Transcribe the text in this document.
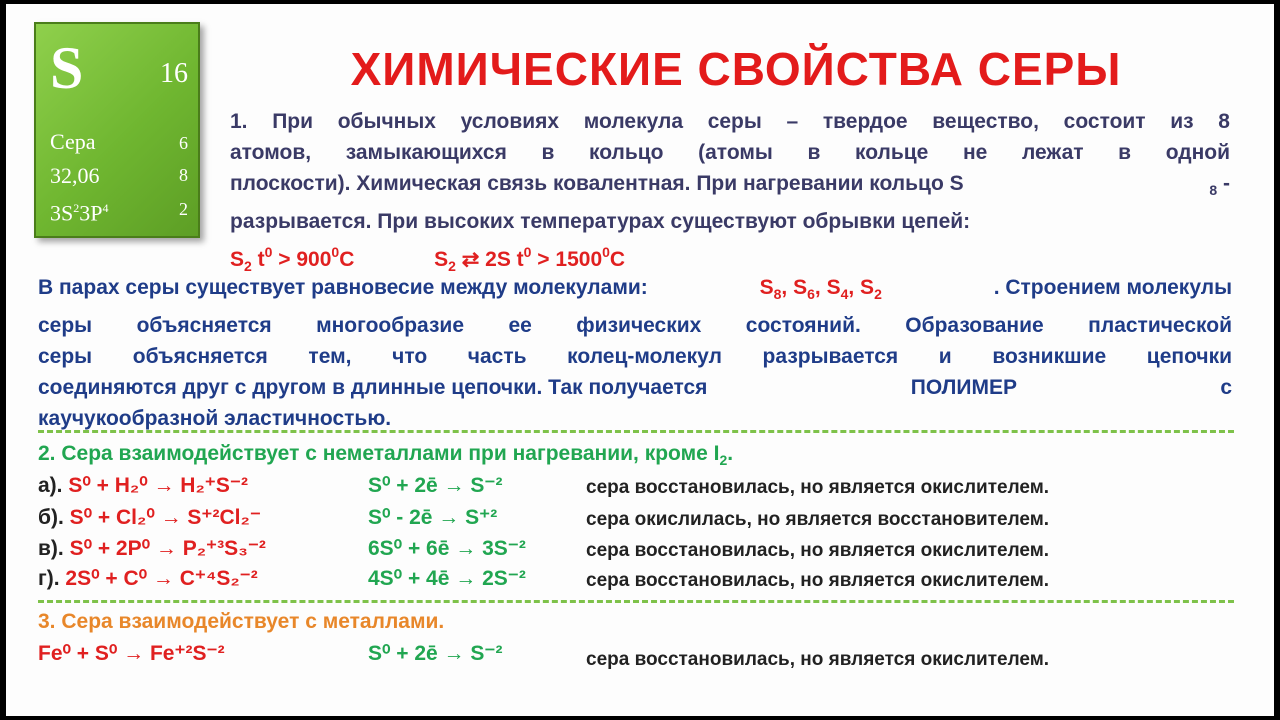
S	16
Сера	6
32,06	8
$3S^23P^4$	2
ХИМИЧЕСКИЕ СВОЙСТВА СЕРЫ
1. При обычных условиях молекула серы – твердое вещество, состоит из 8
атомов, замыкающихся в кольцо (атомы в кольце не лежат в одной
плоскости). Химическая связь ковалентная. При нагревании кольцо S	$_8$ -
разрывается. При высоких температурах существуют обрывки цепей:
$S_2$ $t^0 > 900^0C$	$S_2$ ⇄ 2S $t^0 > 1500^0C$
В парах серы существует равновесие между молекулами:	$S_8$, $S_6$, $S_4$, $S_2$	. Строением молекулы
серы объясняется многообразие ее физических состояний. Образование пластической
серы объясняется тем, что часть колец-молекул разрывается и возникшие цепочки
соединяются друг с другом в длинные цепочки. Так получается	ПОЛИМЕР	с
каучукообразной эластичностью.
2. Сера взаимодействует с неметаллами при нагревании, кроме $I_2$.
а). S⁰ + H₂⁰ → H₂⁺S⁻²	S⁰ + 2ē → S⁻²	сера восстановилась, но является окислителем.
б). S⁰ + Cl₂⁰ → S⁺²Cl₂⁻	S⁰ - 2ē → S⁺²	сера окислилась, но является восстановителем.
в). S⁰ + 2P⁰ → P₂⁺³S₃⁻²	6S⁰ + 6ē → 3S⁻²	сера восстановилась, но является окислителем.
г). 2S⁰ + C⁰ → C⁺⁴S₂⁻²	4S⁰ + 4ē → 2S⁻²	сера восстановилась, но является окислителем.
3. Сера взаимодействует с металлами.
Fe⁰ + S⁰ → Fe⁺²S⁻²	S⁰ + 2ē → S⁻²	сера восстановилась, но является окислителем.
